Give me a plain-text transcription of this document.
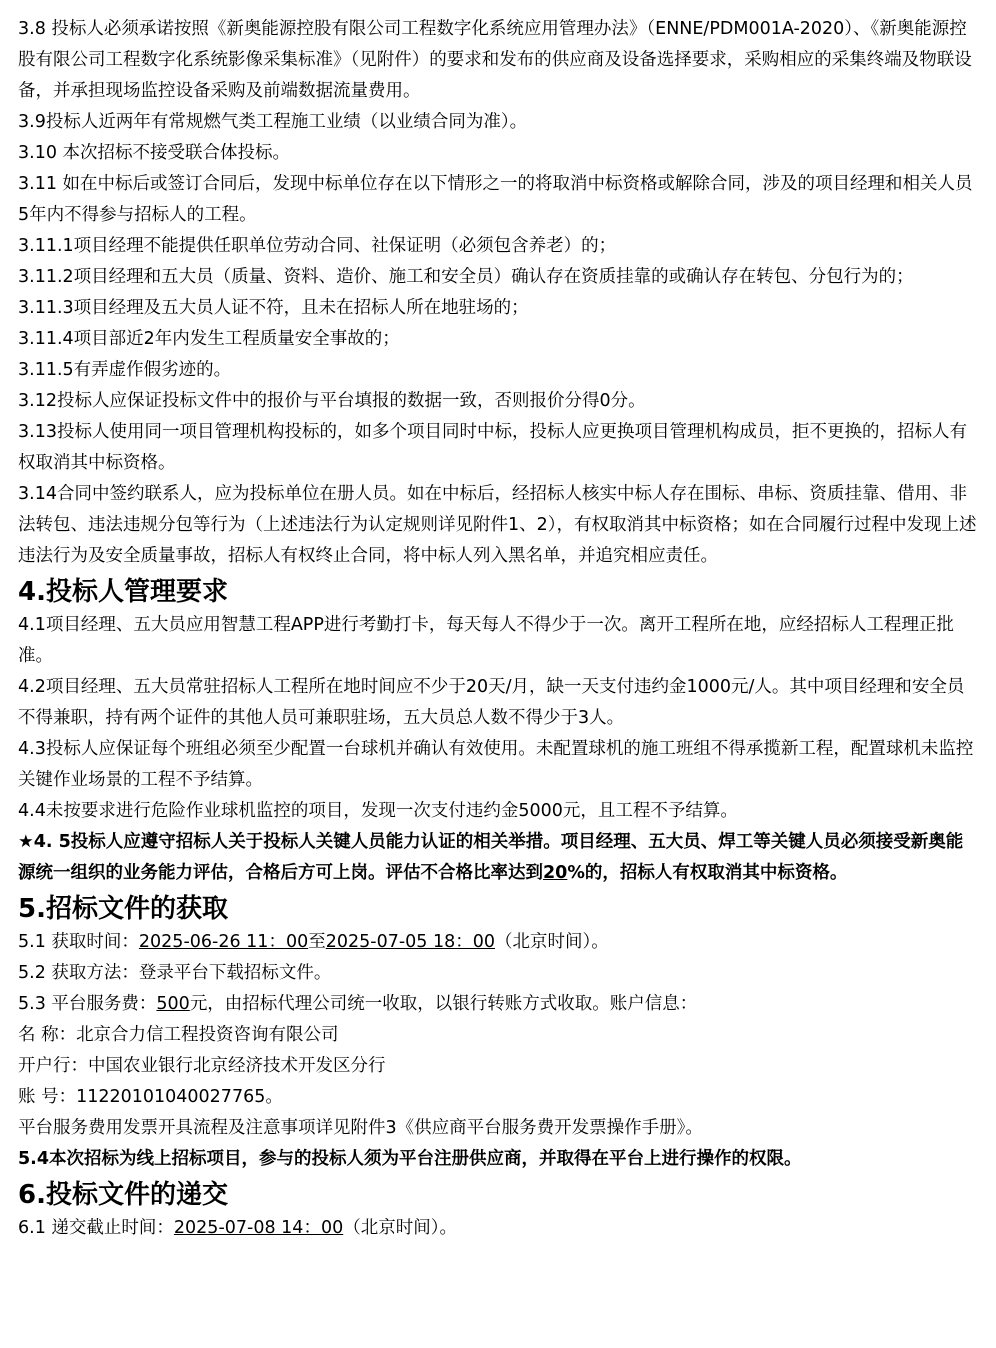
3.8 投标人必须承诺按照《新奥能源控股有限公司工程数字化系统应用管理办法》（ENNE/PDM001A-2020）、《新奥能源控股有限公司工程数字化系统影像采集标准》（见附件）的要求和发布的供应商及设备选择要求，采购相应的采集终端及物联设备，并承担现场监控设备采购及前端数据流量费用。

3.9投标人近两年有常规燃气类工程施工业绩（以业绩合同为准）。

3.10 本次招标不接受联合体投标。

3.11 如在中标后或签订合同后，发现中标单位存在以下情形之一的将取消中标资格或解除合同，涉及的项目经理和相关人员5年内不得参与招标人的工程。

3.11.1项目经理不能提供任职单位劳动合同、社保证明（必须包含养老）的；

3.11.2项目经理和五大员（质量、资料、造价、施工和安全员）确认存在资质挂靠的或确认存在转包、分包行为的；

3.11.3项目经理及五大员人证不符，且未在招标人所在地驻场的；

3.11.4项目部近2年内发生工程质量安全事故的；

3.11.5有弄虚作假劣迹的。

3.12投标人应保证投标文件中的报价与平台填报的数据一致，否则报价分得0分。

3.13投标人使用同一项目管理机构投标的，如多个项目同时中标，投标人应更换项目管理机构成员，拒不更换的，招标人有权取消其中标资格。

3.14合同中签约联系人，应为投标单位在册人员。如在中标后，经招标人核实中标人存在围标、串标、资质挂靠、借用、非法转包、违法违规分包等行为（上述违法行为认定规则详见附件1、2），有权取消其中标资格；如在合同履行过程中发现上述违法行为及安全质量事故，招标人有权终止合同，将中标人列入黑名单，并追究相应责任。

4.投标人管理要求

4.1项目经理、五大员应用智慧工程APP进行考勤打卡，每天每人不得少于一次。离开工程所在地，应经招标人工程理正批准。

4.2项目经理、五大员常驻招标人工程所在地时间应不少于20天/月，缺一天支付违约金1000元/人。其中项目经理和安全员不得兼职，持有两个证件的其他人员可兼职驻场，五大员总人数不得少于3人。

4.3投标人应保证每个班组必须至少配置一台球机并确认有效使用。未配置球机的施工班组不得承揽新工程，配置球机未监控关键作业场景的工程不予结算。

4.4未按要求进行危险作业球机监控的项目，发现一次支付违约金5000元，且工程不予结算。

★4. 5投标人应遵守招标人关于投标人关键人员能力认证的相关举措。项目经理、五大员、焊工等关键人员必须接受新奥能源统一组织的业务能力评估，合格后方可上岗。评估不合格比率达到20%的，招标人有权取消其中标资格。

5.招标文件的获取

5.1 获取时间：2025-06-26 11：00至2025-07-05 18：00（北京时间）。

5.2 获取方法：登录平台下载招标文件。

5.3 平台服务费：500元，由招标代理公司统一收取，以银行转账方式收取。账户信息：

名 称：北京合力信工程投资咨询有限公司

开户行：中国农业银行北京经济技术开发区分行

账 号：11220101040027765。

平台服务费用发票开具流程及注意事项详见附件3《供应商平台服务费开发票操作手册》。

5.4本次招标为线上招标项目，参与的投标人须为平台注册供应商，并取得在平台上进行操作的权限。

6.投标文件的递交

6.1 递交截止时间：2025-07-08 14：00（北京时间）。
